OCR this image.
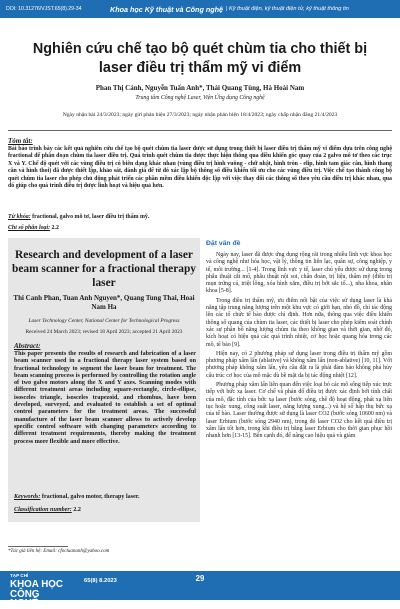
DOI: 10.31276/VJST.65(8).29-34	Khoa học Kỹ thuật và Công nghệ | Kỹ thuật điện, kỹ thuật điện tử, kỹ thuật thông tin
Nghiên cứu chế tạo bộ quét chùm tia cho thiết bị laser điều trị thẩm mỹ vi điểm
Phan Thị Cảnh, Nguyễn Tuấn Anh*, Thái Quang Tùng, Hà Hoài Nam
Trung tâm Công nghệ Laser, Viện Ứng dụng Công nghệ
Ngày nhận bài 24/3/2023; ngày gửi phản biện 27/3/2023; ngày nhận phản biện 18/4/2023; ngày chấp nhận đăng 21/4/2023
Tóm tắt:
Bài báo trình bày các kết quả nghiên cứu chế tạo bộ quét chùm tia laser được sử dụng trong thiết bị laser điều trị thẩm mỹ vi điểm dựa trên công nghệ fractional để phân đoạn chùm tia laser điều trị. Quá trình quét chùm tia được thực hiện thông qua điều khiển góc quay của 2 galvo mô tơ theo các trục X và Y. Chế độ quét với các vùng điều trị có biên dạng khác nhau (vùng điều trị hình vuông - chữ nhật, hình tròn - elip, hình tam giác cân, hình thang cân và hình thoi) đã được thiết lập, khảo sát, đánh giá để từ đó xác lập bộ thông số điều khiển tối ưu cho các vùng điều trị. Việc chế tạo thành công bộ quét chùm tia laser cho phép chủ động phát triển các phần mềm điều khiển độc lập với việc thay đổi các thông số theo yêu cầu điều trị khác nhau, qua đó giúp cho quá trình điều trị được linh hoạt và hiệu quả hơn.
Từ khóa: fractional, galvo mô tơ, laser điều trị thẩm mỹ.
Chỉ số phân loại: 2.2
Research and development of a laser beam scanner for a fractional therapy laser
Thi Canh Phan, Tuan Anh Nguyen*, Quang Tung Thai, Hoai Nam Ha
Laser Technology Center, National Center for Technological Progress
Received 24 March 2023; revised 18 April 2023; accepted 21 April 2023
Abstract:
This paper presents the results of research and fabrication of a laser beam scanner used in a fractional therapy laser system based on fractional technology to segment the laser beam for treatment. The beam scanning process is performed by controlling the rotation angle of two galvo motors along the X and Y axes. Scanning modes with different treatment areas including square-rectangle, circle-ellipse, isosceles triangle, isosceles trapezoid, and rhombus, have been developed, surveyed, and evaluated to establish a set of optimal control parameters for the treatment areas. The successful manufacture of the laser beam scanner allows to actively develop specific control software with changing parameters according to different treatment requirements, thereby making the treatment process more flexible and more effective.
Keywords: fractional, galvo motor, therapy laser.
Classification number: 2.2
*Tác giả liên hệ: Email: cfoctuananh@yahoo.com
Đặt vấn đề

Ngày nay, laser đã được ứng dụng rộng rãi trong nhiều lĩnh vực khoa học và công nghệ như hóa học, vật lý, thông tin liên lạc, quân sự, công nghiệp, y tế, môi trường... [1-4]. Trong lĩnh vực y tế, laser chủ yếu được sử dụng trong phẫu thuật cắt mổ, phẫu thuật nội soi, chẩn đoán, trị liệu, thẩm mỹ (điều trị mụn trứng cá, triệt lông, xóa hình xăm, điều trị bớt sắc tố...), nha khoa, nhãn khoa [5-8].

Trong điều trị thẩm mỹ, ưu điểm nổi bật của việc sử dụng laser là khả năng tập trung năng lượng trên một khu vực có giới hạn, nhỏ đồ, chỉ tác động lên các tổ chức tế bào được chỉ định. Hơn nữa, thông qua việc điều khiển thông số quang của chùm tia laser, các thiết bị laser cho phép kiểm soát chính xác sự phân bố năng lượng chùm tia theo không gian và thời gian, nhờ đó, kích hoạt có hiệu quả các quá trình nhiệt, cơ học hoặc quang hóa trong các mô, tế bào [9].

Hiện nay, có 2 phương pháp sử dụng laser trong điều trị thẩm mỹ gồm phương pháp xâm lấn (ablative) và không xâm lấn (non-ablative) [10, 11]. Với phương pháp không xâm lấn, yêu cầu đặt ra là phải đảm bảo không phá hủy cấu trúc cơ học của mô mặc dù bề mặt da bị tác động nhiệt [12].

Phương pháp xâm lấn liên quan đến việc loại bỏ các mô sống tiếp xúc trực tiếp với bức xạ laser. Cơ chế và phản đổ điều trị được xác định bởi tính chất của mô, đặc tính của bức xạ laser (bước sóng, chế độ hoạt động, phát xạ liên tục hoặc xung, công suất laser, năng lượng xung...) và hệ số hấp thụ bức xạ của tế bào. Laser thường được sử dụng là laser CO2 (bước sóng 10600 nm) và laser Erbium (bước sóng 2940 nm), trong đó laser CO2 cho kết quả điều trị xâm lấn tốt hơn, trong khi điều trị bằng laser Erbium cho thời gian phục hồi nhanh hơn [13-15]. Bên cạnh đó, để nâng cao hiệu quả và giảm

TẠP CHÍ
KHOA HỌC
CÔNG NGHỆ
65(8) 8.2023	29
